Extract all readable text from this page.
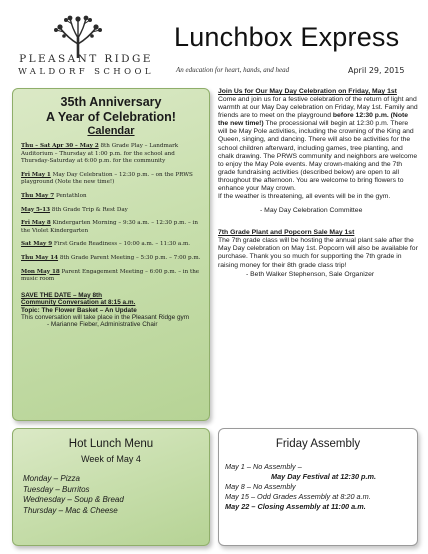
PLEASANT RIDGE
WALDORF SCHOOL
Lunchbox Express
An education for heart, hands, and head	April 29, 2015
35th Anniversary
A Year of Celebration!
Calendar
Thu – Sat Apr 30 – May 2 8th Grade Play – Landmark Auditorium – Thursday at 1:00 p.m. for the school and Thursday-Saturday at 6:00 p.m. for the community
Fri May 1 May Day Celebration – 12:30 p.m. – on the PRWS playground (Note the new time!)
Thu May 7 Pentathlon
May 5-13 8th Grade Trip & Rest Day
Fri May 8 Kindergarten Morning – 9:30 a.m. – 12:30 p.m. – in the Violet Kindergarten
Sat May 9 First Grade Readiness – 10:00 a.m. – 11:30 a.m.
Thu May 14 8th Grade Parent Meeting – 5:30 p.m. – 7:00 p.m.
Mon May 18 Parent Engagement Meeting – 6:00 p.m. – in the music room
SAVE THE DATE – May 8th
Community Conversation at 8:15 a.m.
Topic: The Flower Basket – An Update
This conversation will take place in the Pleasant Ridge gym
- Marianne Fieber, Administrative Chair
Join Us for Our May Day Celebration on Friday, May 1st
Come and join us for a festive celebration of the return of light and warmth at our May Day celebration on Friday, May 1st. Family and friends are to meet on the playground before 12:30 p.m. (Note the new time!) The processional will begin at 12:30 p.m. There will be May Pole activities, including the crowning of the King and Queen, singing, and dancing. There will also be activities for the school children afterward, including games, tree planting, and chalk drawing. The PRWS community and neighbors are welcome to enjoy the May Pole events. May crown-making and the 7th grade fundraising activities (described below) are open to all throughout the afternoon. You are welcome to bring flowers to enhance your May crown.
If the weather is threatening, all events will be in the gym.
- May Day Celebration Committee
7th Grade Plant and Popcorn Sale May 1st
The 7th grade class will be hosting the annual plant sale after the May Day celebration on May 1st. Popcorn will also be available for purchase. Thank you so much for supporting the 7th grade in raising money for their 8th grade class trip!
- Beth Walker Stephenson, Sale Organizer
Hot Lunch Menu
Week of May 4
Monday – Pizza
Tuesday – Burritos
Wednesday – Soup & Bread
Thursday – Mac & Cheese
Friday Assembly
May 1 – No Assembly –
May Day Festival at 12:30 p.m.
May 8 – No Assembly
May 15 – Odd Grades Assembly at 8:20 a.m.
May 22 – Closing Assembly at 11:00 a.m.
